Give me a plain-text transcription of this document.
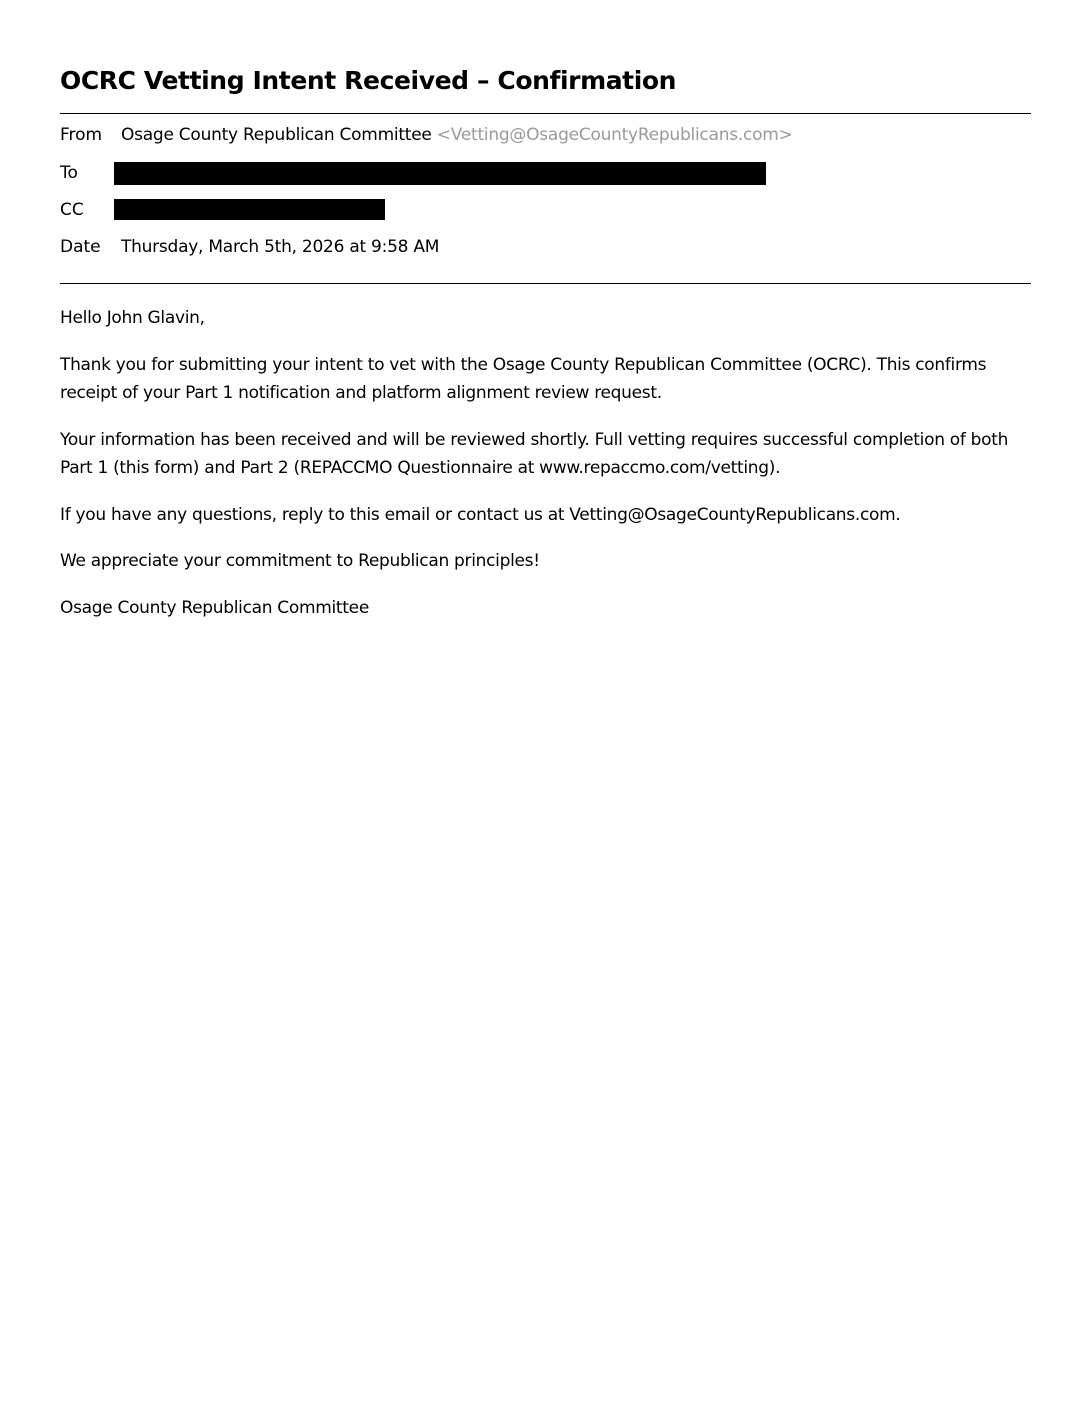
OCRC Vetting Intent Received – Confirmation
From Osage County Republican Committee <Vetting@OsageCountyRepublicans.com>
To
CC
Date Thursday, March 5th, 2026 at 9:58 AM

Hello John Glavin,

Thank you for submitting your intent to vet with the Osage County Republican Committee (OCRC). This confirms receipt of your Part 1 notification and platform alignment review request.

Your information has been received and will be reviewed shortly. Full vetting requires successful completion of both Part 1 (this form) and Part 2 (REPACCMO Questionnaire at www.repaccmo.com/vetting).

If you have any questions, reply to this email or contact us at Vetting@OsageCountyRepublicans.com.

We appreciate your commitment to Republican principles!

Osage County Republican Committee
